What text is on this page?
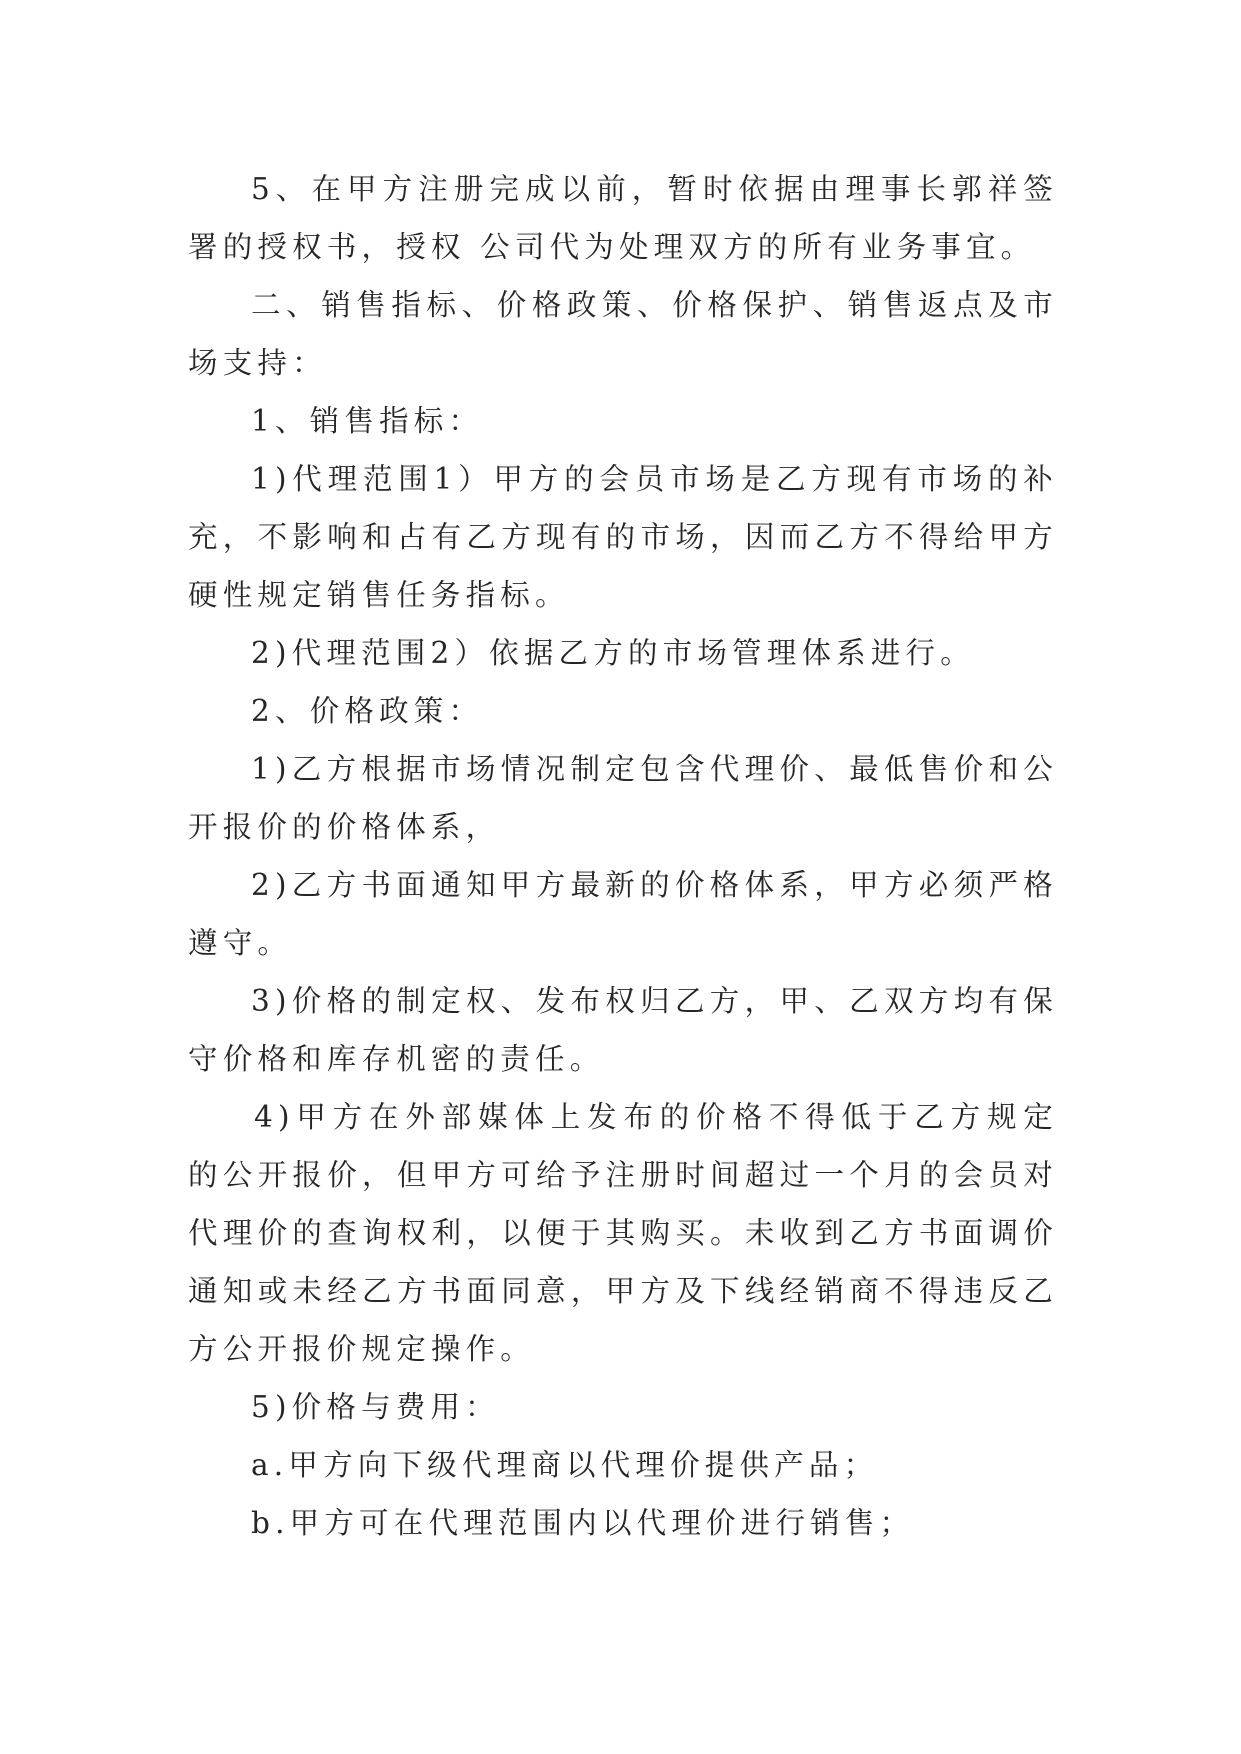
5、在甲方注册完成以前，暂时依据由理事长郭祥签署的授权书，授权 公司代为处理双方的所有业务事宜。

二、销售指标、价格政策、价格保护、销售返点及市场支持：

1、销售指标：

1)代理范围1）甲方的会员市场是乙方现有市场的补充，不影响和占有乙方现有的市场，因而乙方不得给甲方硬性规定销售任务指标。

2)代理范围2）依据乙方的市场管理体系进行。

2、价格政策：

1)乙方根据市场情况制定包含代理价、最低售价和公开报价的价格体系，

2)乙方书面通知甲方最新的价格体系，甲方必须严格遵守。

3)价格的制定权、发布权归乙方，甲、乙双方均有保守价格和库存机密的责任。

4)甲方在外部媒体上发布的价格不得低于乙方规定的公开报价，但甲方可给予注册时间超过一个月的会员对代理价的查询权利，以便于其购买。未收到乙方书面调价通知或未经乙方书面同意，甲方及下线经销商不得违反乙方公开报价规定操作。

5)价格与费用：

a.甲方向下级代理商以代理价提供产品；

b.甲方可在代理范围内以代理价进行销售；
